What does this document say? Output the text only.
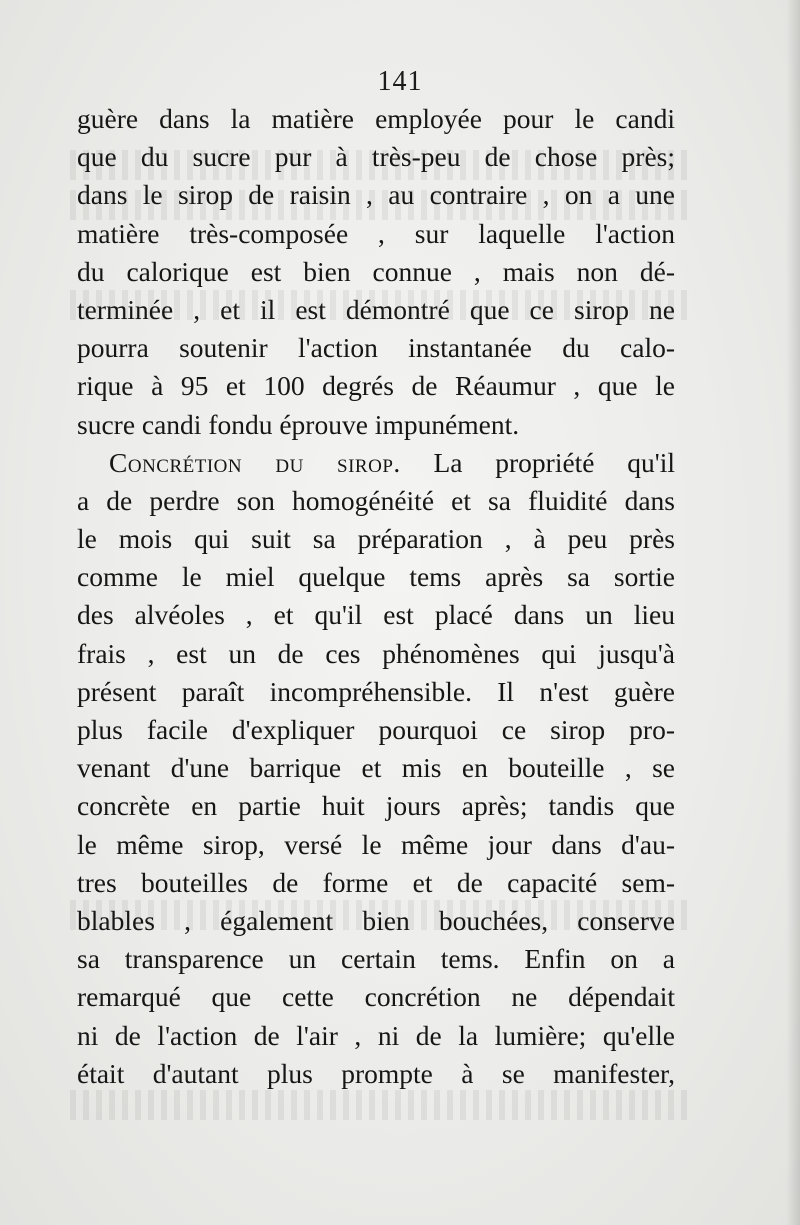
141
guère dans la matière employée pour le candi
que du sucre pur à très-peu de chose près;
dans le sirop de raisin , au contraire , on a une
matière très-composée , sur laquelle l'action
du calorique est bien connue , mais non dé-
terminée , et il est démontré que ce sirop ne
pourra soutenir l'action instantanée du calo-
rique à 95 et 100 degrés de Réaumur , que le
sucre candi fondu éprouve impunément.
Concrétion du sirop. La propriété qu'il
a de perdre son homogénéité et sa fluidité dans
le mois qui suit sa préparation , à peu près
comme le miel quelque tems après sa sortie
des alvéoles , et qu'il est placé dans un lieu
frais , est un de ces phénomènes qui jusqu'à
présent paraît incompréhensible. Il n'est guère
plus facile d'expliquer pourquoi ce sirop pro-
venant d'une barrique et mis en bouteille , se
concrète en partie huit jours après; tandis que
le même sirop, versé le même jour dans d'au-
tres bouteilles de forme et de capacité sem-
blables , également bien bouchées, conserve
sa transparence un certain tems. Enfin on a
remarqué que cette concrétion ne dépendait
ni de l'action de l'air , ni de la lumière; qu'elle
était d'autant plus prompte à se manifester,
